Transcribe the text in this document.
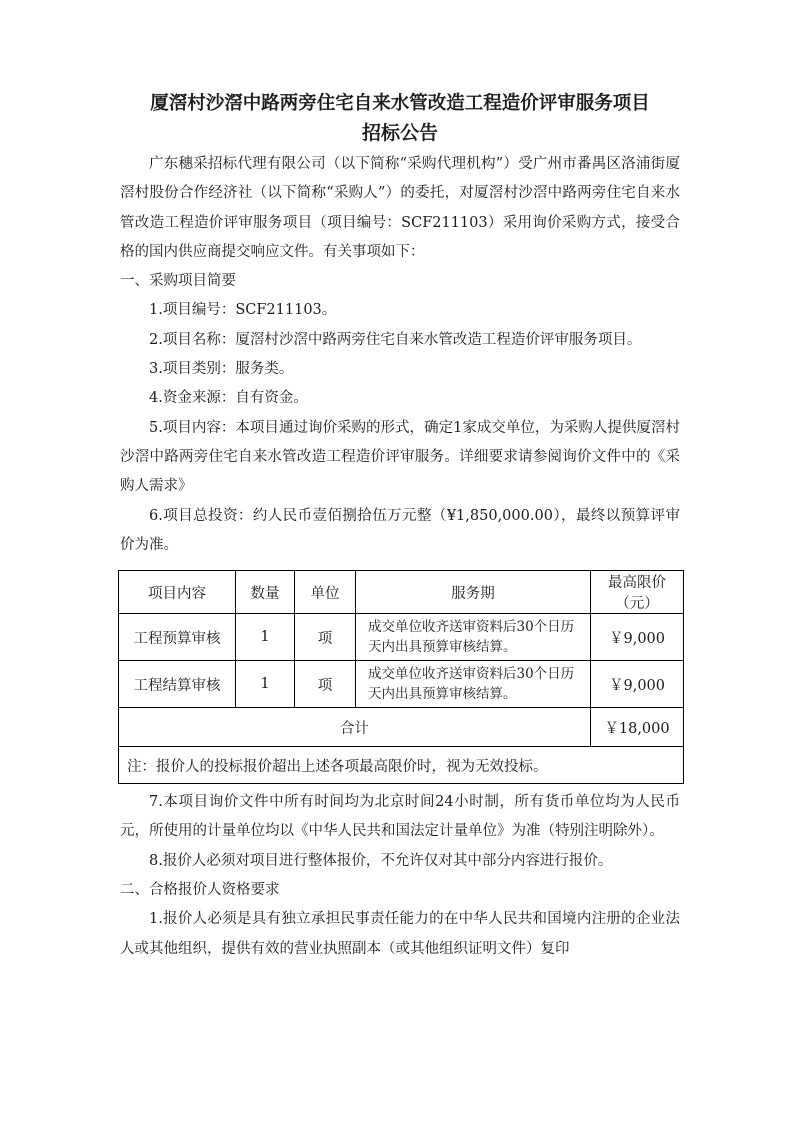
厦滘村沙滘中路两旁住宅自来水管改造工程造价评审服务项目
招标公告

广东穗采招标代理有限公司（以下简称“采购代理机构”）受广州市番禺区洛浦街厦滘村股份合作经济社（以下简称“采购人”）的委托，对厦滘村沙滘中路两旁住宅自来水管改造工程造价评审服务项目（项目编号：SCF211103）采用询价采购方式，接受合格的国内供应商提交响应文件。有关事项如下：

一、采购项目简要

1.项目编号：SCF211103。

2.项目名称： 厦滘村沙滘中路两旁住宅自来水管改造工程造价评审服务项目。

3.项目类别：服务类。

4.资金来源：自有资金。

5.项目内容：本项目通过询价采购的形式，确定1家成交单位，为采购人提供厦滘村沙滘中路两旁住宅自来水管改造工程造价评审服务。详细要求请参阅询价文件中的《采购人需求》

6.项目总投资：约人民币壹佰捌拾伍万元整（¥1,850,000.00），最终以预算评审价为准。

项目内容	数量	单位	服务期	最高限价（元）
工程预算审核	1	项	成交单位收齐送审资料后30个日历天内出具预算审核结算。	￥9,000
工程结算审核	1	项	成交单位收齐送审资料后30个日历天内出具预算审核结算。	￥9,000
合计				￥18,000
注：报价人的投标报价超出上述各项最高限价时，视为无效投标。				

7.本项目询价文件中所有时间均为北京时间24小时制，所有货币单位均为人民币元，所使用的计量单位均以《中华人民共和国法定计量单位》为准（特别注明除外）。

8.报价人必须对项目进行整体报价，不允许仅对其中部分内容进行报价。

二、合格报价人资格要求

1.报价人必须是具有独立承担民事责任能力的在中华人民共和国境内注册的企业法人或其他组织，提供有效的营业执照副本（或其他组织证明文件）复印
